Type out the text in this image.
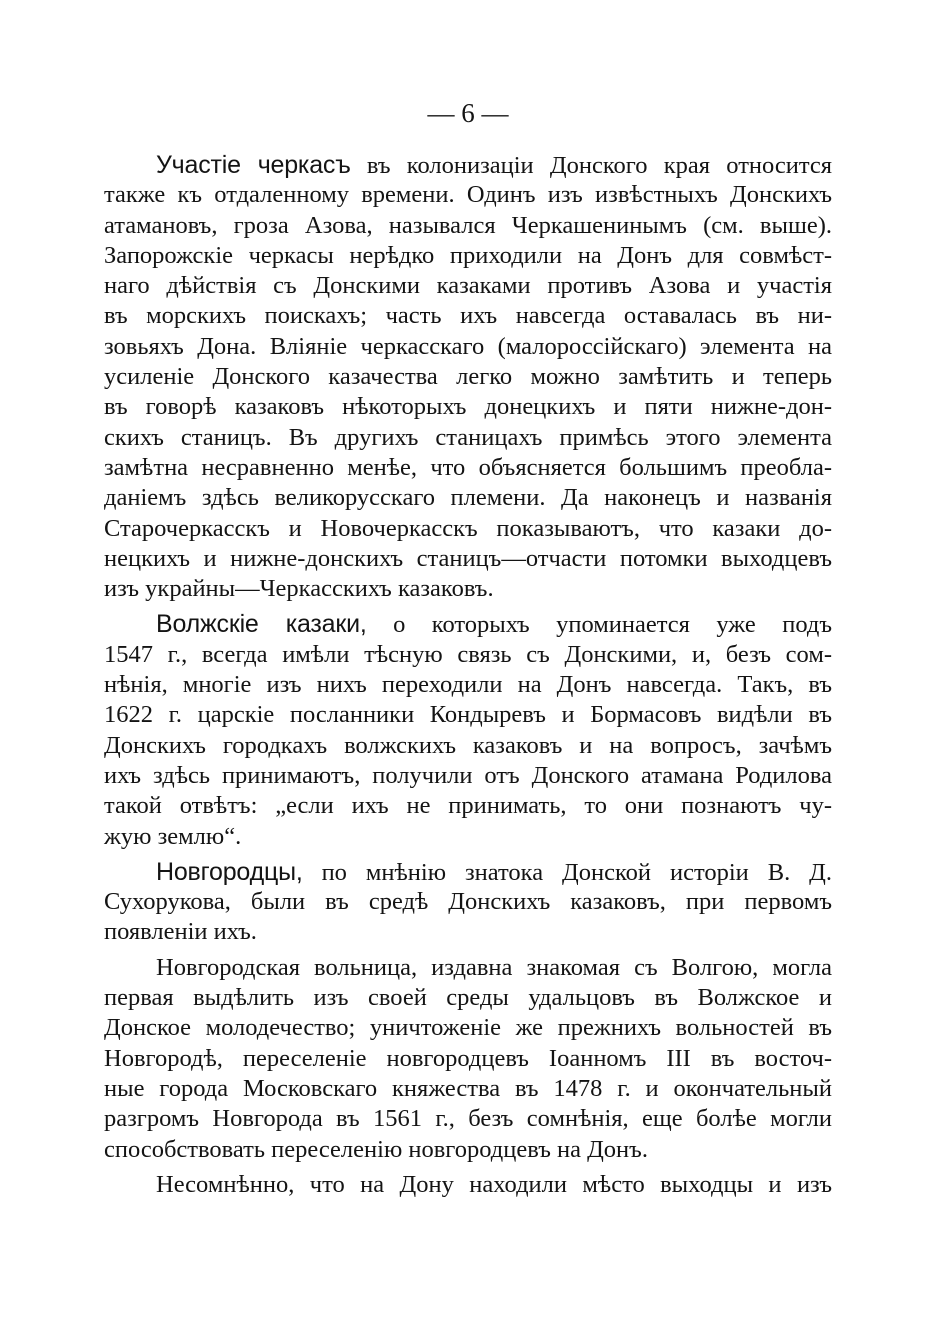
— 6 —
Участіе черкасъ въ колонизаціи Донского края относится
также къ отдаленному времени. Одинъ изъ извѣстныхъ Донскихъ
атамановъ, гроза Азова, назывался Черкашенинымъ (см. выше).
Запорожскіе черкасы нерѣдко приходили на Донъ для совмѣст-
наго дѣйствія съ Донскими казаками противъ Азова и участія
въ морскихъ поискахъ; часть ихъ навсегда оставалась въ ни-
зовьяхъ Дона. Вліяніе черкасскаго (малороссійскаго) элемента на
усиленіе Донского казачества легко можно замѣтить и теперь
въ говорѣ казаковъ нѣкоторыхъ донецкихъ и пяти нижне-дон-
скихъ станицъ. Въ другихъ станицахъ примѣсь этого элемента
замѣтна несравненно менѣе, что объясняется большимъ преобла-
даніемъ здѣсь великорусскаго племени. Да наконецъ и названія
Старочеркасскъ и Новочеркасскъ показываютъ, что казаки до-
нецкихъ и нижне-донскихъ станицъ—отчасти потомки выходцевъ
изъ украйны—Черкасскихъ казаковъ.
Волжскіе казаки, о которыхъ упоминается уже подъ
1547 г., всегда имѣли тѣсную связь съ Донскими, и, безъ сом-
нѣнія, многіе изъ нихъ переходили на Донъ навсегда. Такъ, въ
1622 г. царскіе посланники Кондыревъ и Бормасовъ видѣли въ
Донскихъ городкахъ волжскихъ казаковъ и на вопросъ, зачѣмъ
ихъ здѣсь принимаютъ, получили отъ Донского атамана Родилова
такой отвѣтъ: „если ихъ не принимать, то они познаютъ чу-
жую землю“.
Новгородцы, по мнѣнію знатока Донской исторіи В. Д.
Сухорукова, были въ средѣ Донскихъ казаковъ, при первомъ
появленіи ихъ.
Новгородская вольница, издавна знакомая съ Волгою, могла
первая выдѣлить изъ своей среды удальцовъ въ Волжское и
Донское молодечество; уничтоженіе же прежнихъ вольностей въ
Новгородѣ, переселеніе новгородцевъ Іоанномъ III въ восточ-
ные города Московскаго княжества въ 1478 г. и окончательный
разгромъ Новгорода въ 1561 г., безъ сомнѣнія, еще болѣе могли
способствовать переселенію новгородцевъ на Донъ.
Несомнѣнно, что на Дону находили мѣсто выходцы и изъ
